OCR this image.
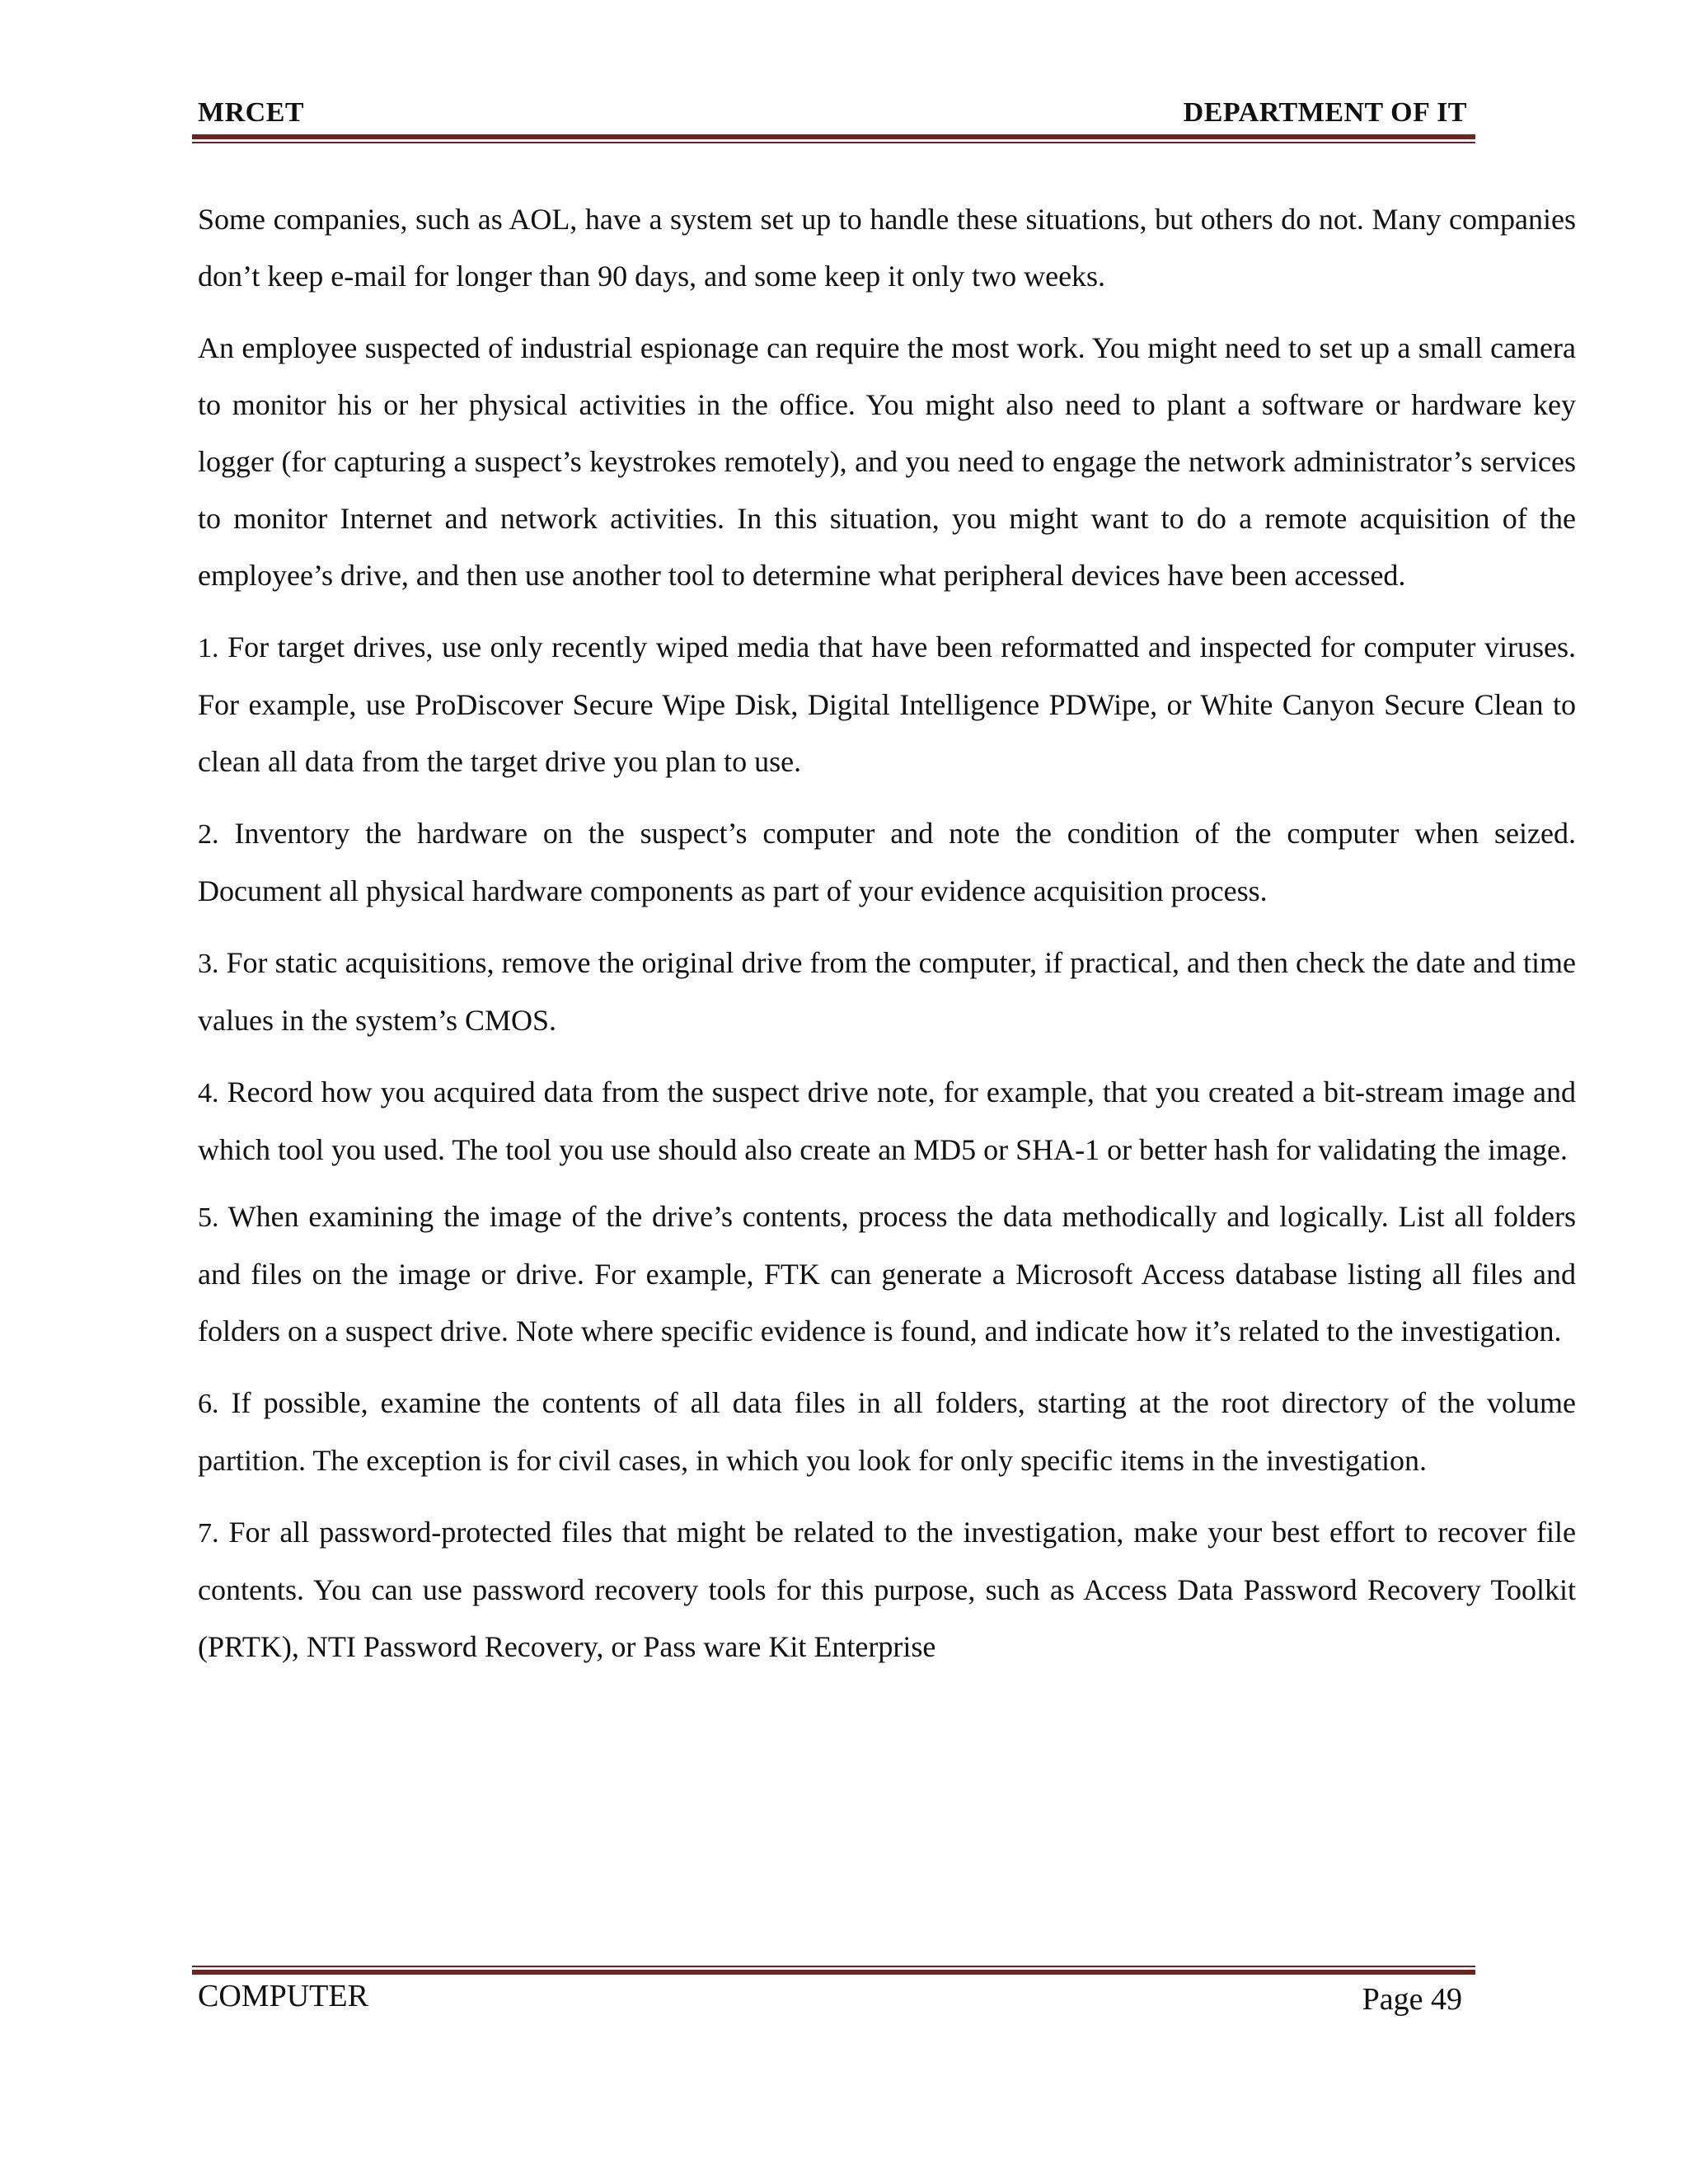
MRCET	DEPARTMENT OF IT

Some companies, such as AOL, have a system set up to handle these situations, but others do not. Many companies don’t keep e-mail for longer than 90 days, and some keep it only two weeks.

An employee suspected of industrial espionage can require the most work. You might need to set up a small camera to monitor his or her physical activities in the office. You might also need to plant a software or hardware key logger (for capturing a suspect’s keystrokes remotely), and you need to engage the network administrator’s services to monitor Internet and network activities. In this situation, you might want to do a remote acquisition of the employee’s drive, and then use another tool to determine what peripheral devices have been accessed.

1. For target drives, use only recently wiped media that have been reformatted and inspected for computer viruses. For example, use ProDiscover Secure Wipe Disk, Digital Intelligence PDWipe, or White Canyon Secure Clean to clean all data from the target drive you plan to use.

2. Inventory the hardware on the suspect’s computer and note the condition of the computer when seized. Document all physical hardware components as part of your evidence acquisition process.

3. For static acquisitions, remove the original drive from the computer, if practical, and then check the date and time values in the system’s CMOS.

4. Record how you acquired data from the suspect drive note, for example, that you created a bit-stream image and which tool you used. The tool you use should also create an MD5 or SHA-1 or better hash for validating the image.

5. When examining the image of the drive’s contents, process the data methodically and logically. List all folders and files on the image or drive. For example, FTK can generate a Microsoft Access database listing all files and folders on a suspect drive. Note where specific evidence is found, and indicate how it’s related to the investigation.

6. If possible, examine the contents of all data files in all folders, starting at the root directory of the volume partition. The exception is for civil cases, in which you look for only specific items in the investigation.

7. For all password-protected files that might be related to the investigation, make your best effort to recover file contents. You can use password recovery tools for this purpose, such as Access Data Password Recovery Toolkit (PRTK), NTI Password Recovery, or Pass ware Kit Enterprise

COMPUTER	Page 49
